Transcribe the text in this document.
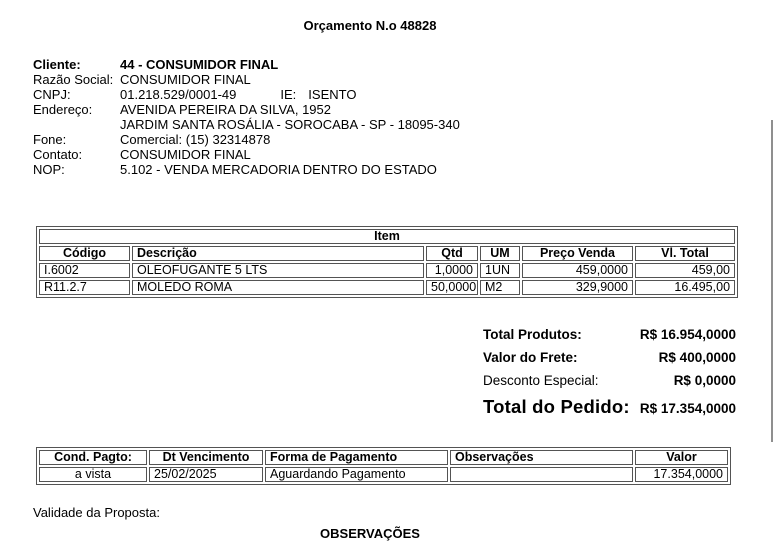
Orçamento N.o 48828
Cliente:	44 - CONSUMIDOR FINAL
Razão Social: CONSUMIDOR FINAL
CNPJ:	01.218.529/0001-49	IE: ISENTO
Endereço:	AVENIDA PEREIRA DA SILVA, 1952
JARDIM SANTA ROSÁLIA - SOROCABA - SP - 18095-340
Fone:	Comercial: (15) 32314878
Contato:	CONSUMIDOR FINAL
NOP:	5.102 - VENDA MERCADORIA DENTRO DO ESTADO
Item					
Código	Descrição	Qtd	UM	Preço Venda	Vl. Total
I.6002	OLEOFUGANTE 5 LTS	1,0000	1UN	459,0000	459,00
R11.2.7	MOLEDO ROMA	50,0000	M2	329,9000	16.495,00
Total Produtos:	R$ 16.954,0000
Valor do Frete:	R$ 400,0000
Desconto Especial:	R$ 0,0000
Total do Pedido: R$ 17.354,0000
Cond. Pagto:	Dt Vencimento	Forma de Pagamento	Observações	Valor
a vista	25/02/2025	Aguardando Pagamento		17.354,0000
Validade da Proposta:
OBSERVAÇÕES
